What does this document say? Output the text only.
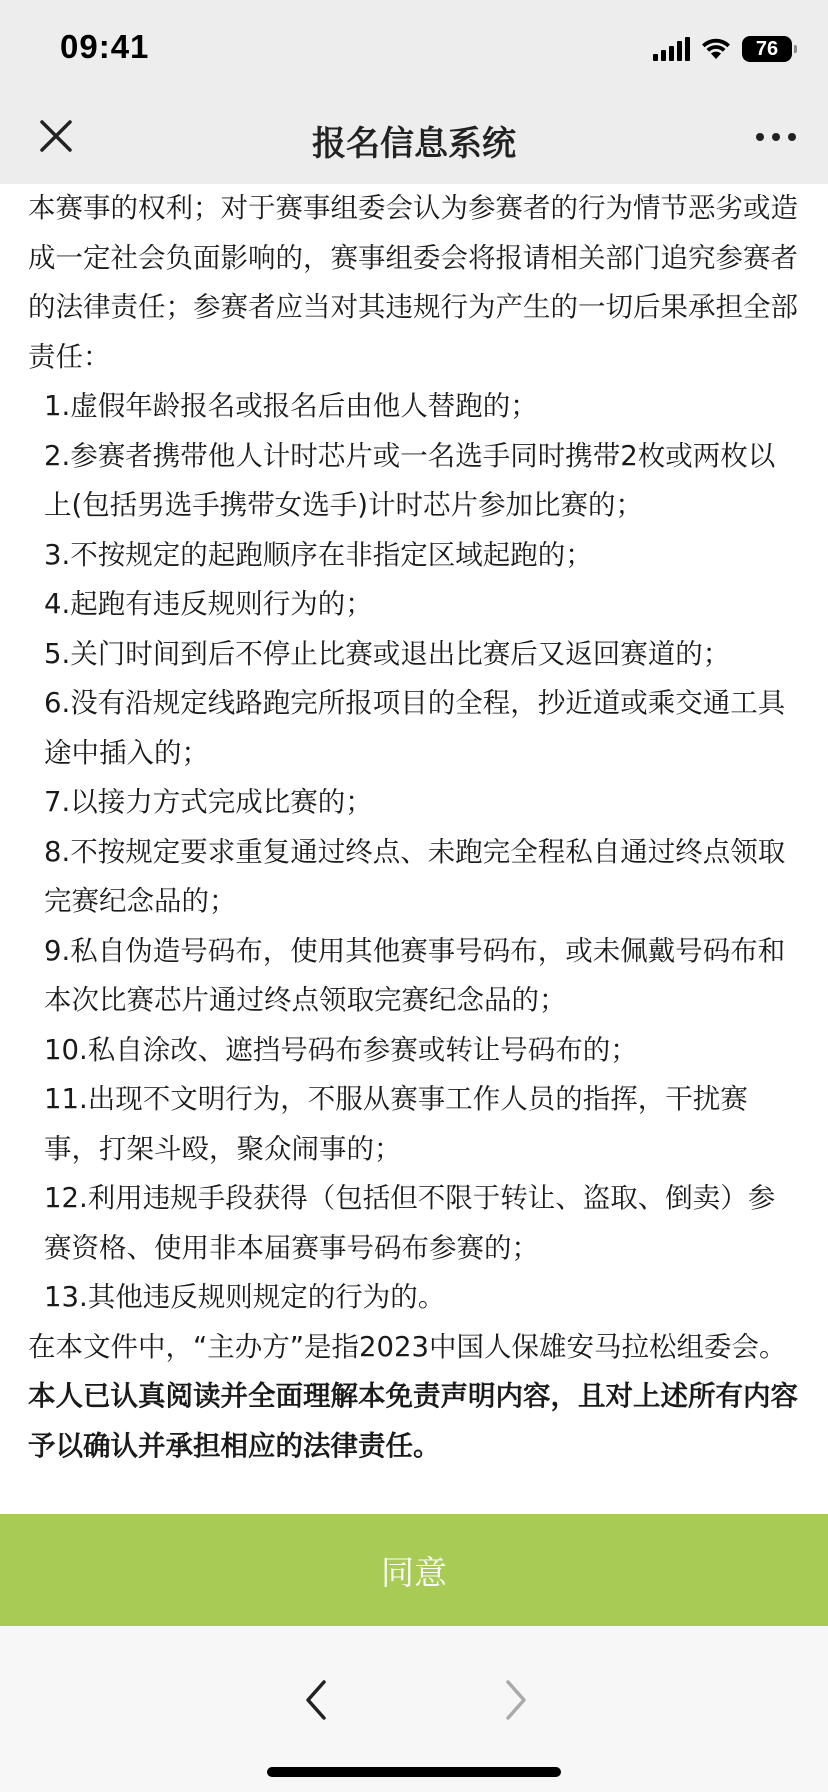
09:41	76
报名信息系统

本赛事的权利；对于赛事组委会认为参赛者的行为情节恶劣或造成一定社会负面影响的，赛事组委会将报请相关部门追究参赛者的法律责任；参赛者应当对其违规行为产生的一切后果承担全部责任：

1.虚假年龄报名或报名后由他人替跑的；

2.参赛者携带他人计时芯片或一名选手同时携带2枚或两枚以上(包括男选手携带女选手)计时芯片参加比赛的；

3.不按规定的起跑顺序在非指定区域起跑的；

4.起跑有违反规则行为的；

5.关门时间到后不停止比赛或退出比赛后又返回赛道的；

6.没有沿规定线路跑完所报项目的全程，抄近道或乘交通工具途中插入的；

7.以接力方式完成比赛的；

8.不按规定要求重复通过终点、未跑完全程私自通过终点领取完赛纪念品的；

9.私自伪造号码布，使用其他赛事号码布，或未佩戴号码布和本次比赛芯片通过终点领取完赛纪念品的；

10.私自涂改、遮挡号码布参赛或转让号码布的；

11.出现不文明行为，不服从赛事工作人员的指挥，干扰赛事，打架斗殴，聚众闹事的；

12.利用违规手段获得（包括但不限于转让、盗取、倒卖）参赛资格、使用非本届赛事号码布参赛的；

13.其他违反规则规定的行为的。

在本文件中，“主办方”是指2023中国人保雄安马拉松组委会。

本人已认真阅读并全面理解本免责声明内容，且对上述所有内容予以确认并承担相应的法律责任。

同意
